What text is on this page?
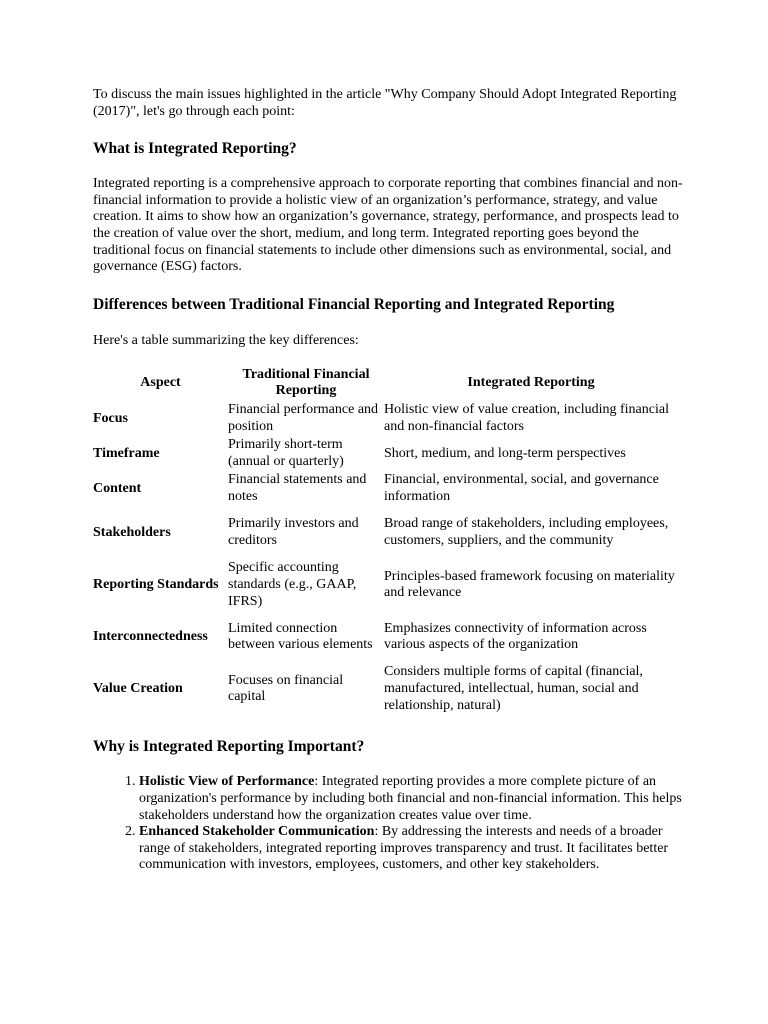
To discuss the main issues highlighted in the article "Why Company Should Adopt Integrated Reporting (2017)", let's go through each point:

What is Integrated Reporting?

Integrated reporting is a comprehensive approach to corporate reporting that combines financial and non-financial information to provide a holistic view of an organization’s performance, strategy, and value creation. It aims to show how an organization’s governance, strategy, performance, and prospects lead to the creation of value over the short, medium, and long term. Integrated reporting goes beyond the traditional focus on financial statements to include other dimensions such as environmental, social, and governance (ESG) factors.

Differences between Traditional Financial Reporting and Integrated Reporting

Here's a table summarizing the key differences:

Aspect	Traditional Financial Reporting	Integrated Reporting
Focus	Financial performance and position	Holistic view of value creation, including financial and non-financial factors
Timeframe	Primarily short-term (annual or quarterly)	Short, medium, and long-term perspectives
Content	Financial statements and notes	Financial, environmental, social, and governance information
Stakeholders	Primarily investors and creditors	Broad range of stakeholders, including employees, customers, suppliers, and the community
Reporting Standards	Specific accounting standards (e.g., GAAP, IFRS)	Principles-based framework focusing on materiality and relevance
Interconnectedness	Limited connection between various elements	Emphasizes connectivity of information across various aspects of the organization
Value Creation	Focuses on financial capital	Considers multiple forms of capital (financial, manufactured, intellectual, human, social and relationship, natural)
Why is Integrated Reporting Important?
1. Holistic View of Performance: Integrated reporting provides a more complete picture of an organization's performance by including both financial and non-financial information. This helps stakeholders understand how the organization creates value over time.
2. Enhanced Stakeholder Communication: By addressing the interests and needs of a broader range of stakeholders, integrated reporting improves transparency and trust. It facilitates better communication with investors, employees, customers, and other key stakeholders.
